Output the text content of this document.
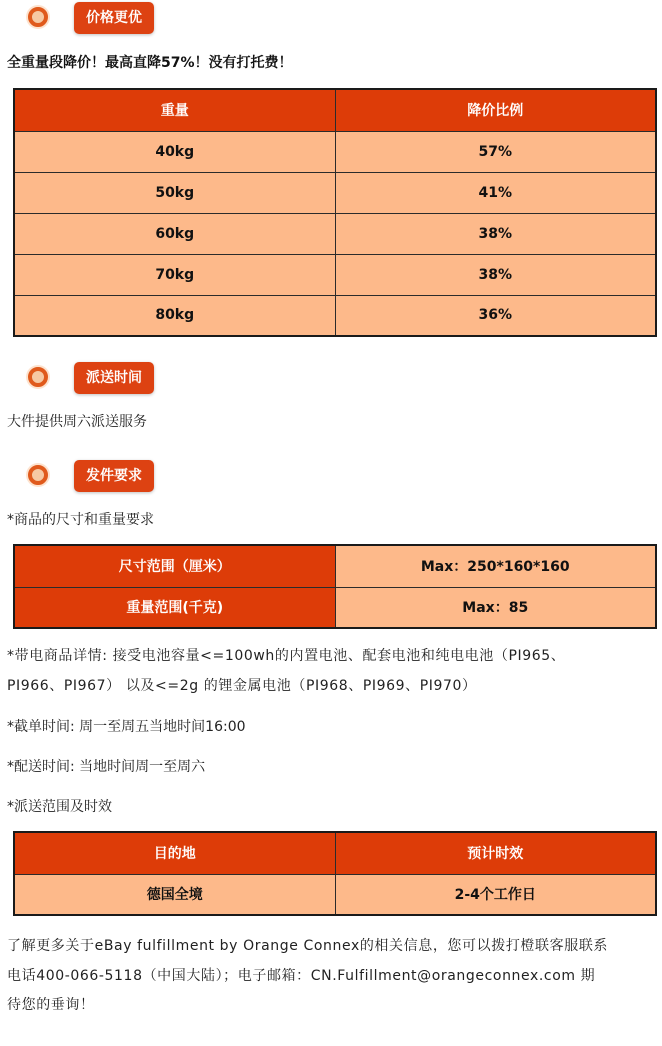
价格更优
全重量段降价！最高直降57%！没有打托费！
重量	降价比例
40kg	57%
50kg	41%
60kg	38%
70kg	38%
80kg	36%
派送时间
大件提供周六派送服务
发件要求
*商品的尺寸和重量要求
尺寸范围（厘米）	Max：250*160*160
重量范围(千克)	Max：85
*带电商品详情: 接受电池容量<=100wh的内置电池、配套电池和纯电电池（PI965、
PI966、PI967） 以及<=2g 的锂金属电池（PI968、PI969、PI970）
*截单时间: 周一至周五当地时间16:00
*配送时间: 当地时间周一至周六
*派送范围及时效
目的地	预计时效
德国全境	2-4个工作日
了解更多关于eBay fulfillment by Orange Connex的相关信息，您可以拨打橙联客服联系
电话400-066-5118（中国大陆）；电子邮箱：CN.Fulfillment@orangeconnex.com 期
待您的垂询！
